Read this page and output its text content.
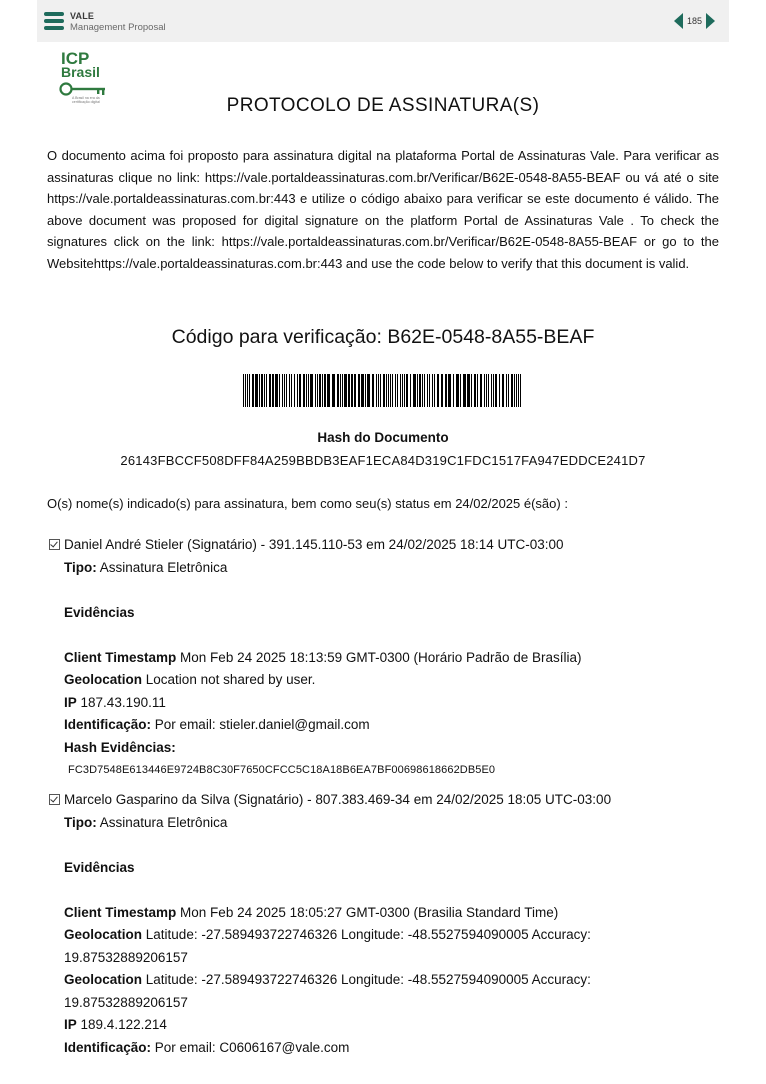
VALE
Management Proposal
185
ICP
Brasil
A Brasil na era da certificação digital	PROTOCOLO DE ASSINATURA(S)
O documento acima foi proposto para assinatura digital na plataforma Portal de Assinaturas Vale. Para verificar as assinaturas clique no link: https://vale.portaldeassinaturas.com.br/Verificar/B62E-0548-8A55-BEAF ou vá até o site https://vale.portaldeassinaturas.com.br:443 e utilize o código abaixo para verificar se este documento é válido. The above document was proposed for digital signature on the platform Portal de Assinaturas Vale . To check the signatures click on the link: https://vale.portaldeassinaturas.com.br/Verificar/B62E-0548-8A55-BEAF or go to the Websitehttps://vale.portaldeassinaturas.com.br:443 and use the code below to verify that this document is valid.
Código para verificação: B62E-0548-8A55-BEAF
Hash do Documento
26143FBCCF508DFF84A259BBDB3EAF1ECA84D319C1FDC1517FA947EDDCE241D7
O(s) nome(s) indicado(s) para assinatura, bem como seu(s) status em 24/02/2025 é(são) :
Daniel André Stieler (Signatário) - 391.145.110-53 em 24/02/2025 18:14 UTC-03:00
Tipo: Assinatura Eletrônica
Evidências
Client Timestamp Mon Feb 24 2025 18:13:59 GMT-0300 (Horário Padrão de Brasília)
Geolocation Location not shared by user.
IP 187.43.190.11
Identificação: Por email: stieler.daniel@gmail.com
Hash Evidências:
FC3D7548E613446E9724B8C30F7650CFCC5C18A18B6EA7BF00698618662DB5E0
Marcelo Gasparino da Silva (Signatário) - 807.383.469-34 em 24/02/2025 18:05 UTC-03:00
Tipo: Assinatura Eletrônica
Evidências
Client Timestamp Mon Feb 24 2025 18:05:27 GMT-0300 (Brasilia Standard Time)
Geolocation Latitude: -27.589493722746326 Longitude: -48.5527594090005 Accuracy:
19.87532889206157
Geolocation Latitude: -27.589493722746326 Longitude: -48.5527594090005 Accuracy:
19.87532889206157
IP 189.4.122.214
Identificação: Por email: C0606167@vale.com
